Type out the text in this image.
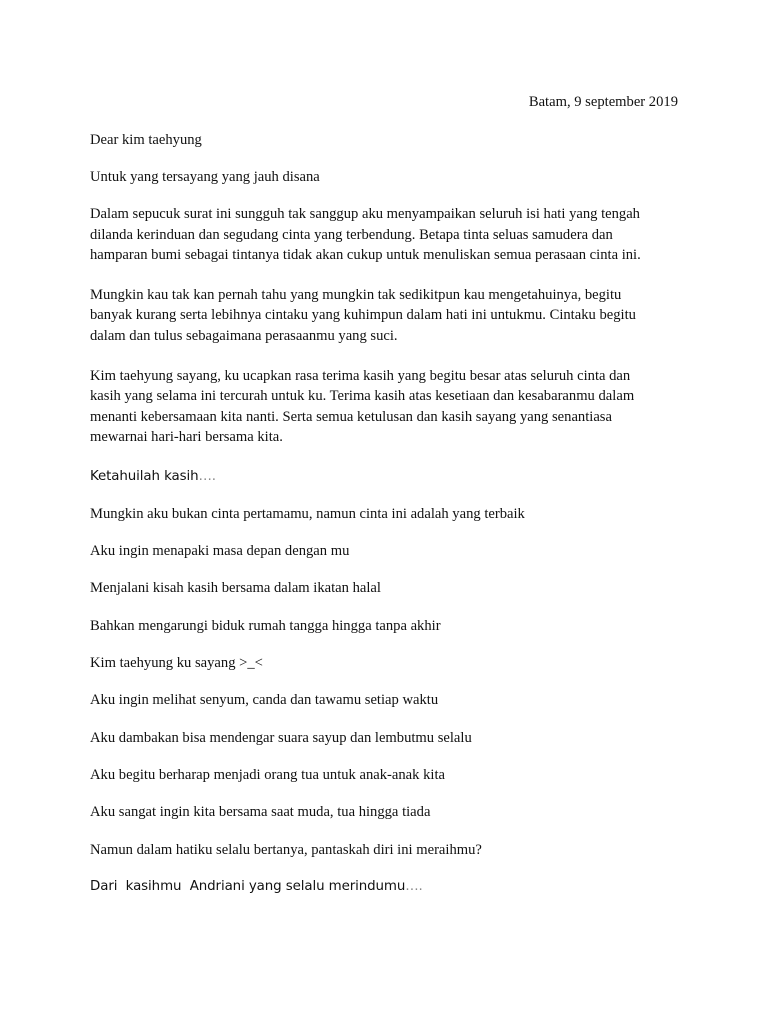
Batam, 9 september 2019

Dear kim taehyung

Untuk yang tersayang yang jauh disana

Dalam sepucuk surat ini sungguh tak sanggup aku menyampaikan seluruh isi hati yang tengah

dilanda kerinduan dan segudang cinta yang terbendung. Betapa tinta seluas samudera dan

hamparan bumi sebagai tintanya tidak akan cukup untuk menuliskan semua perasaan cinta ini.

Mungkin kau tak kan pernah tahu yang mungkin tak sedikitpun kau mengetahuinya, begitu

banyak kurang serta lebihnya cintaku yang kuhimpun dalam hati ini untukmu. Cintaku begitu

dalam dan tulus sebagaimana perasaanmu yang suci.

Kim taehyung sayang, ku ucapkan rasa terima kasih yang begitu besar atas seluruh cinta dan

kasih yang selama ini tercurah untuk ku. Terima kasih atas kesetiaan dan kesabaranmu dalam

menanti kebersamaan kita nanti. Serta semua ketulusan dan kasih sayang yang senantiasa

mewarnai hari-hari bersama kita.

Ketahuilah kasih….

Mungkin aku bukan cinta pertamamu, namun cinta ini adalah yang terbaik

Aku ingin menapaki masa depan dengan mu

Menjalani kisah kasih bersama dalam ikatan halal

Bahkan mengarungi biduk rumah tangga hingga tanpa akhir

Kim taehyung ku sayang >_<

Aku ingin melihat senyum, canda dan tawamu setiap waktu

Aku dambakan bisa mendengar suara sayup dan lembutmu selalu

Aku begitu berharap menjadi orang tua untuk anak-anak kita

Aku sangat ingin kita bersama saat muda, tua hingga tiada

Namun dalam hatiku selalu bertanya, pantaskah diri ini meraihmu?

Dari  kasihmu  Andriani yang selalu merindumu….
